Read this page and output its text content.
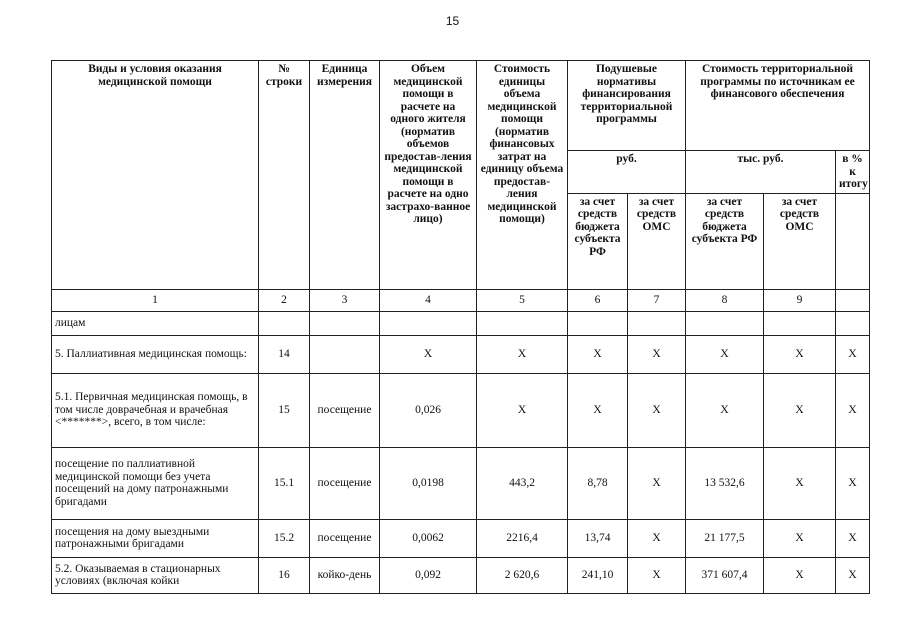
15
Виды и условия оказания медицинской помощи	№ строки	Единица измерения	Объем медицинской помощи в расчете на одного жителя (норматив объемов предостав-ления медицинской помощи в расчете на одно застрахо-ванное лицо)	Стоимость единицы объема медицинской помощи (норматив финансовых затрат на единицу объема предостав-ления медицинской помощи)	Подушевые нормативы финансирования территориальной программы		Стоимость территориальной программы по источникам ее финансового обеспечения		
					руб.		тыс. руб.		в % к итогу
					за счет средств бюджета субъекта РФ	за счет средств ОМС	за счет средств бюджета субъекта РФ	за счет средств ОМС	
1	2	3	4	5	6	7	8	9	
лицам									
5. Паллиативная медицинская помощь:	14		X	X	X	X	X	X	X
5.1. Первичная медицинская помощь, в том числе доврачебная и врачебная <*******>, всего, в том числе:	15	посещение	0,026	X	X	X	X	X	X
посещение по паллиативной медицинской помощи без учета посещений на дому патронажными бригадами	15.1	посещение	0,0198	443,2	8,78	X	13 532,6	X	X
посещения на дому выездными патронажными бригадами	15.2	посещение	0,0062	2216,4	13,74	X	21 177,5	X	X
5.2. Оказываемая в стационарных условиях (включая койки	16	койко-день	0,092	2 620,6	241,10	X	371 607,4	X	X
